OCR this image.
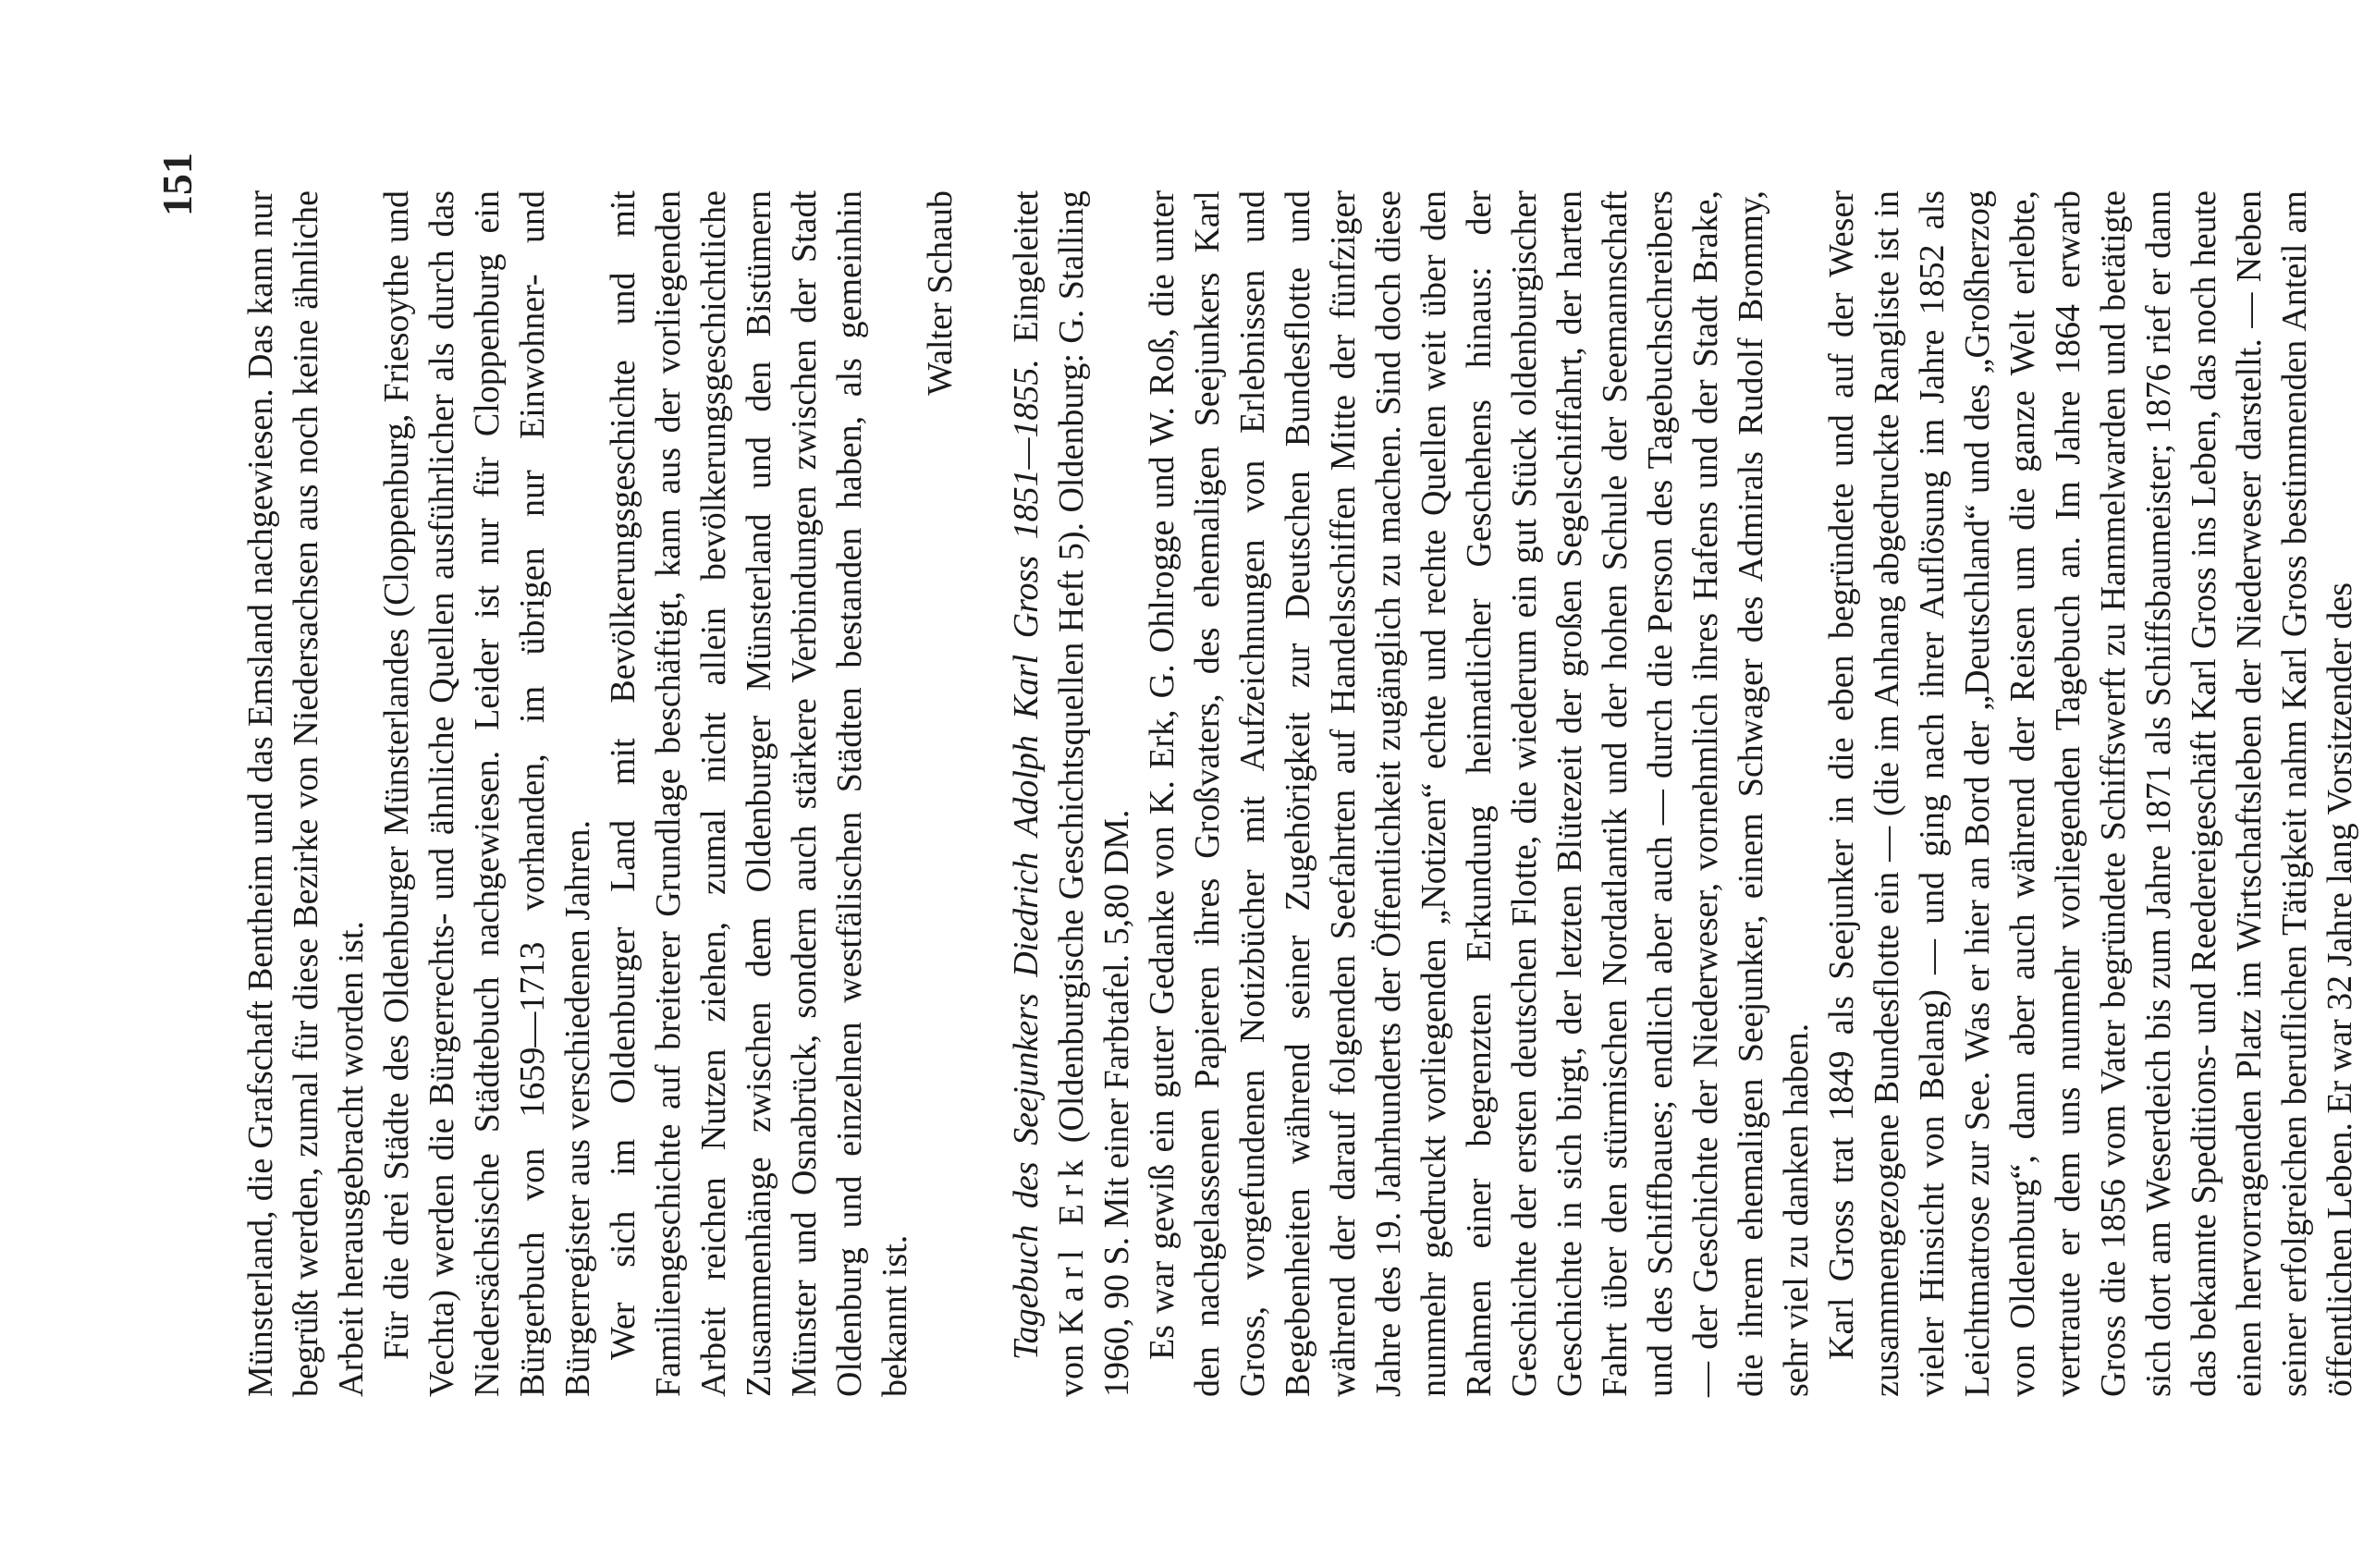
151

Münsterland, die Grafschaft Bentheim und das Emsland nachgewiesen. Das kann nur begrüßt werden, zumal für diese Bezirke von Niedersachsen aus noch keine ähnliche Arbeit herausgebracht worden ist. Für die drei Städte des Oldenburger Münsterlandes (Cloppenburg, Friesoythe und Vechta) werden die Bürgerrechts- und ähnliche Quellen ausführlicher als durch das Niedersächsische Städtebuch nachgewiesen. Leider ist nur für Cloppenburg ein Bürgerbuch von 1659—1713 vorhanden, im übrigen nur Einwohner- und Bürgerregister aus verschiedenen Jahren. Wer sich im Oldenburger Land mit Bevölkerungsgeschichte und mit Familiengeschichte auf breiterer Grundlage beschäftigt, kann aus der vorliegenden Arbeit reichen Nutzen ziehen, zumal nicht allein bevölkerungsgeschichtliche Zusammenhänge zwischen dem Oldenburger Münsterland und den Bistümern Münster und Osnabrück, sondern auch stärkere Verbindungen zwischen der Stadt Oldenburg und einzelnen westfälischen Städten bestanden haben, als gemeinhin bekannt ist.

Walter Schaub

Tagebuch des Seejunkers Diedrich Adolph Karl Gross 1851—1855. Eingeleitet von Karl Erk (Oldenburgische Geschichtsquellen Heft 5). Oldenburg: G. Stalling 1960, 90 S. Mit einer Farbtafel. 5,80 DM. Es war gewiß ein guter Gedanke von K. Erk, G. Ohlrogge und W. Roß, die unter den nachgelassenen Papieren ihres Großvaters, des ehemaligen Seejunkers Karl Gross, vorgefundenen Notizbücher mit Aufzeichnungen von Erlebnissen und Begebenheiten während seiner Zugehörigkeit zur Deutschen Bundesflotte und während der darauf folgenden Seefahrten auf Handelsschiffen Mitte der fünfziger Jahre des 19. Jahrhunderts der Öffentlichkeit zugänglich zu machen. Sind doch diese nunmehr gedruckt vorliegenden „Notizen“ echte und rechte Quellen weit über den Rahmen einer begrenzten Erkundung heimatlicher Geschehens hinaus: der Geschichte der ersten deutschen Flotte, die wiederum ein gut Stück oldenburgischer Geschichte in sich birgt, der letzten Blütezeit der großen Segelschiffahrt, der harten Fahrt über den stürmischen Nordatlantik und der hohen Schule der Seemannschaft und des Schiffbaues; endlich aber auch — durch die Person des Tagebuchschreibers — der Geschichte der Niederweser, vornehmlich ihres Hafens und der Stadt Brake, die ihrem ehemaligen Seejunker, einem Schwager des Admirals Rudolf Brommy, sehr viel zu danken haben. Karl Gross trat 1849 als Seejunker in die eben begründete und auf der Weser zusammengezogene Bundesflotte ein — (die im Anhang abgedruckte Rangliste ist in vieler Hinsicht von Belang) — und ging nach ihrer Auflösung im Jahre 1852 als Leichtmatrose zur See. Was er hier an Bord der „Deutschland“ und des „Großherzog von Oldenburg“, dann aber auch während der Reisen um die ganze Welt erlebte, vertraute er dem uns nunmehr vorliegenden Tagebuch an. Im Jahre 1864 erwarb Gross die 1856 vom Vater begründete Schiffswerft zu Hammelwarden und betätigte sich dort am Weserdeich bis zum Jahre 1871 als Schiffsbaumeister; 1876 rief er dann das bekannte Speditions- und Reedereigeschäft Karl Gross ins Leben, das noch heute einen hervorragenden Platz im Wirtschaftsleben der Niederweser darstellt. — Neben seiner erfolgreichen beruflichen Tätigkeit nahm Karl Gross bestimmenden Anteil am öffentlichen Leben. Er war 32 Jahre lang Vorsitzender des
